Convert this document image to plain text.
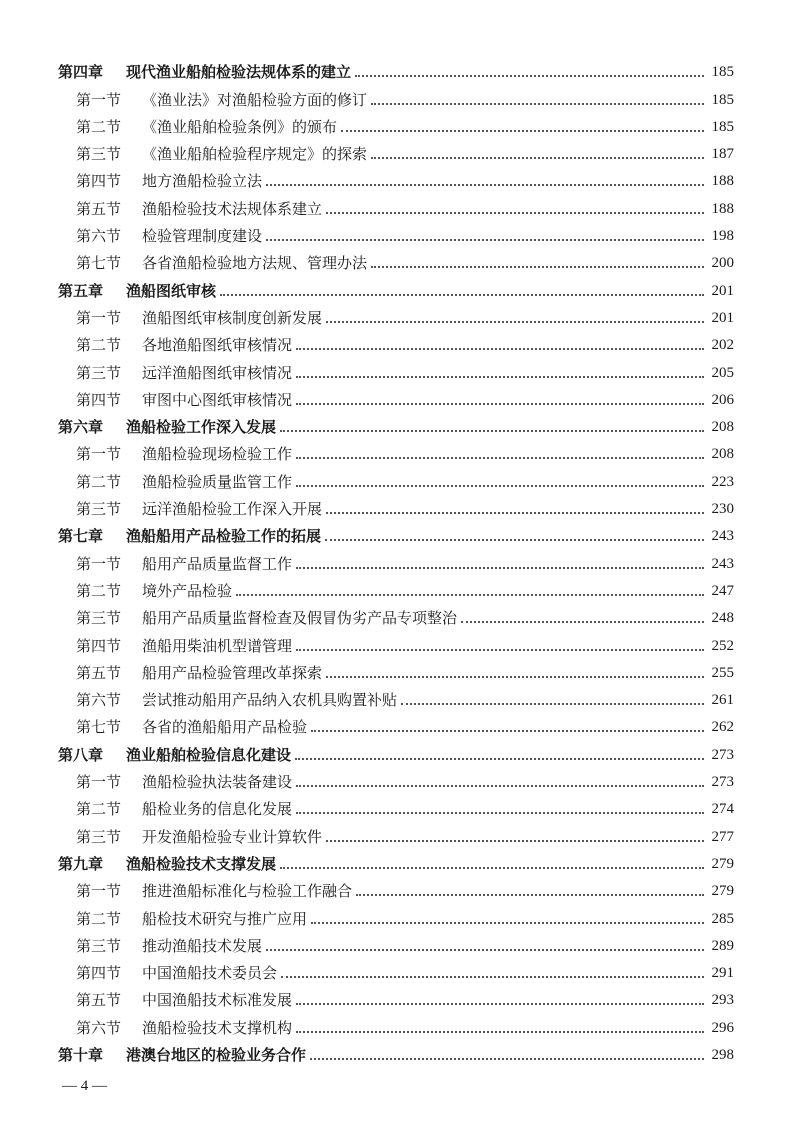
第四章	现代渔业船舶检验法规体系的建立	185
第一节	《渔业法》对渔船检验方面的修订	185
第二节	《渔业船舶检验条例》的颁布	185
第三节	《渔业船舶检验程序规定》的探索	187
第四节	地方渔船检验立法	188
第五节	渔船检验技术法规体系建立	188
第六节	检验管理制度建设	198
第七节	各省渔船检验地方法规、管理办法	200
第五章	渔船图纸审核	201
第一节	渔船图纸审核制度创新发展	201
第二节	各地渔船图纸审核情况	202
第三节	远洋渔船图纸审核情况	205
第四节	审图中心图纸审核情况	206
第六章	渔船检验工作深入发展	208
第一节	渔船检验现场检验工作	208
第二节	渔船检验质量监管工作	223
第三节	远洋渔船检验工作深入开展	230
第七章	渔船船用产品检验工作的拓展	243
第一节	船用产品质量监督工作	243
第二节	境外产品检验	247
第三节	船用产品质量监督检查及假冒伪劣产品专项整治	248
第四节	渔船用柴油机型谱管理	252
第五节	船用产品检验管理改革探索	255
第六节	尝试推动船用产品纳入农机具购置补贴	261
第七节	各省的渔船船用产品检验	262
第八章	渔业船舶检验信息化建设	273
第一节	渔船检验执法装备建设	273
第二节	船检业务的信息化发展	274
第三节	开发渔船检验专业计算软件	277
第九章	渔船检验技术支撑发展	279
第一节	推进渔船标准化与检验工作融合	279
第二节	船检技术研究与推广应用	285
第三节	推动渔船技术发展	289
第四节	中国渔船技术委员会	291
第五节	中国渔船技术标准发展	293
第六节	渔船检验技术支撑机构	296
第十章	港澳台地区的检验业务合作	298
— 4 —
